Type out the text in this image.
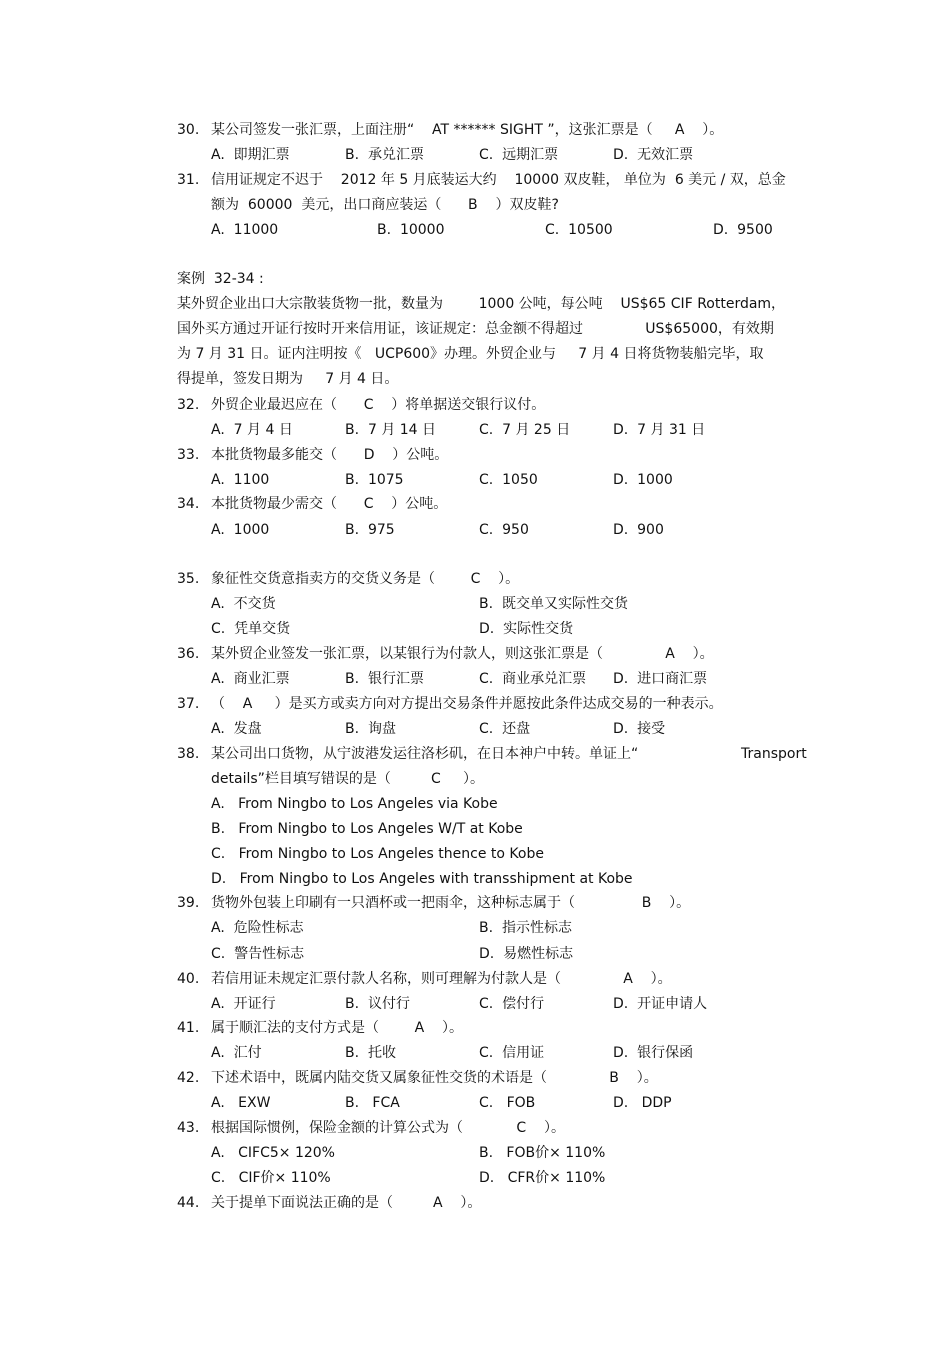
30. 某公司签发一张汇票，上面注册“    AT ****** SIGHT ”，这张汇票是（     A    ）。
A.  即期汇票	B.  承兑汇票	C.  远期汇票	D.  无效汇票
31. 信用证规定不迟于    2012 年 5 月底装运大约    10000 双皮鞋， 单位为  6 美元 / 双，总金
额为  60000  美元，出口商应装运（      B    ）双皮鞋?
A.  11000	B.  10000	C.  10500	D.  9500
案例  32-34 :
某外贸企业出口大宗散装货物一批，数量为        1000 公吨，每公吨    US$65 CIF Rotterdam，
国外买方通过开证行按时开来信用证，该证规定：总金额不得超过              US$65000，有效期
为 7 月 31 日。证内注明按《   UCP600》办理。外贸企业与     7 月 4 日将货物装船完毕，取
得提单，签发日期为     7 月 4 日。
32. 外贸企业最迟应在（      C    ）将单据送交银行议付。
A.  7 月 4 日	B.  7 月 14 日	C.  7 月 25 日	D.  7 月 31 日
33. 本批货物最多能交（      D    ）公吨。
A.  1100	B.  1075	C.  1050	D.  1000
34. 本批货物最少需交（      C    ）公吨。
A.  1000	B.  975	C.  950	D.  900
35. 象征性交货意指卖方的交货义务是（        C    ）。
A.  不交货	B.  既交单又实际性交货
C.  凭单交货	D.  实际性交货
36. 某外贸企业签发一张汇票，以某银行为付款人，则这张汇票是（              A    ）。
A.  商业汇票	B.  银行汇票	C.  商业承兑汇票 D.  进口商汇票
37. （    A     ）是买方或卖方向对方提出交易条件并愿按此条件达成交易的一种表示。
A.  发盘	B.  询盘	C.  还盘	D.  接受
38. 某公司出口货物，从宁波港发运往洛杉矶，在日本神户中转。单证上“	Transport
details”栏目填写错误的是（         C     ）。
A.   From Ningbo to Los Angeles via Kobe
B.   From Ningbo to Los Angeles W/T at Kobe
C.   From Ningbo to Los Angeles thence to Kobe
D.   From Ningbo to Los Angeles with transshipment at Kobe
39. 货物外包装上印刷有一只酒杯或一把雨伞，这种标志属于（               B    ）。
A.  危险性标志	B.  指示性标志
C.  警告性标志	D.  易燃性标志
40. 若信用证未规定汇票付款人名称，则可理解为付款人是（              A    ）。
A.  开证行	B.  议付行	C.  偿付行	D.  开证申请人
41. 属于顺汇法的支付方式是（        A    ）。
A.  汇付	B.  托收	C.  信用证	D.  银行保函
42. 下述术语中，既属内陆交货又属象征性交货的术语是（              B    ）。
A.   EXW	B.   FCA	C.   FOB	D.   DDP
43. 根据国际惯例，保险金额的计算公式为（            C    ）。
A.   CIFC5× 120%	B.   FOB价× 110%
C.   CIF价× 110%	D.   CFR价× 110%
44. 关于提单下面说法正确的是（         A    ）。
